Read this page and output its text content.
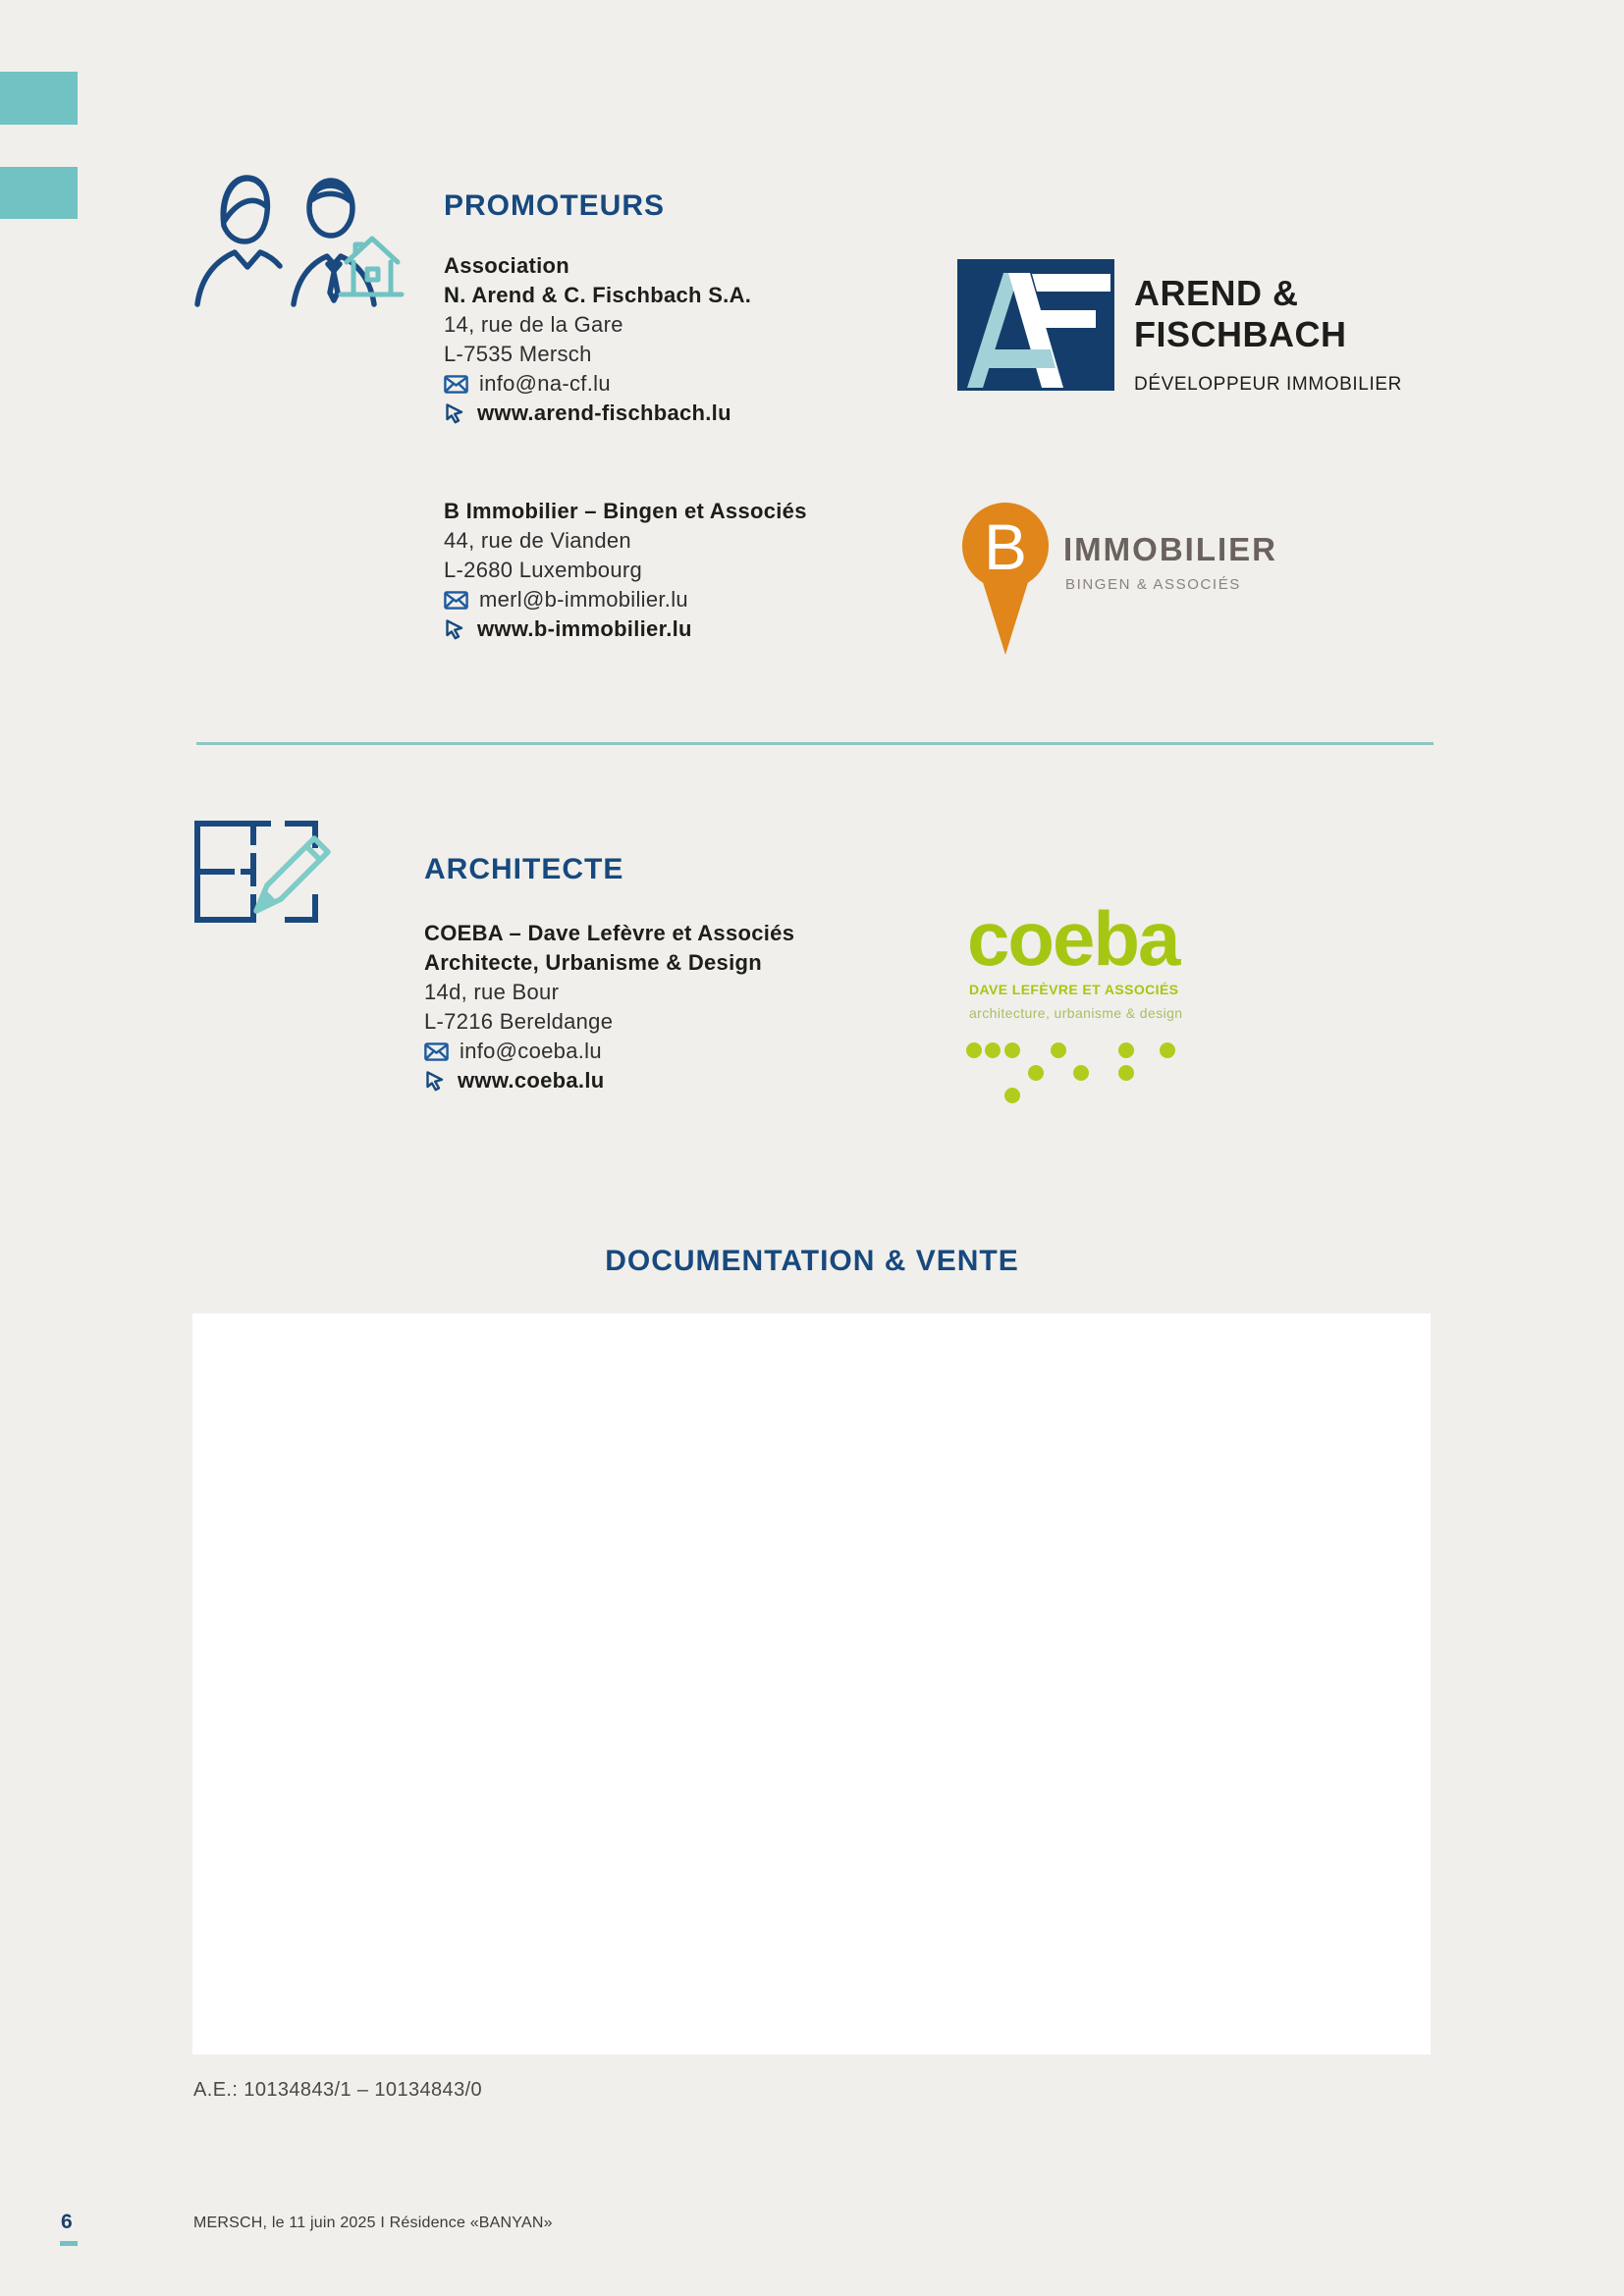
PROMOTEURS
Association
N. Arend & C. Fischbach S.A.
14, rue de la Gare
L-7535 Mersch
info@na-cf.lu
www.arend-fischbach.lu
AREND &
FISCHBACH
DÉVELOPPEUR IMMOBILIER
B Immobilier – Bingen et Associés
44, rue de Vianden
L-2680 Luxembourg
merl@b-immobilier.lu
www.b-immobilier.lu
B IMMOBILIER
BINGEN & ASSOCIÉS
ARCHITECTE
COEBA – Dave Lefèvre et Associés
Architecte, Urbanisme & Design
14d, rue Bour
L-7216 Bereldange
info@coeba.lu
www.coeba.lu
coeba
DAVE LEFÈVRE ET ASSOCIÉS
architecture, urbanisme & design
DOCUMENTATION & VENTE
A.E.: 10134843/1 – 10134843/0
6	MERSCH, le 11 juin 2025 I Résidence «BANYAN»
